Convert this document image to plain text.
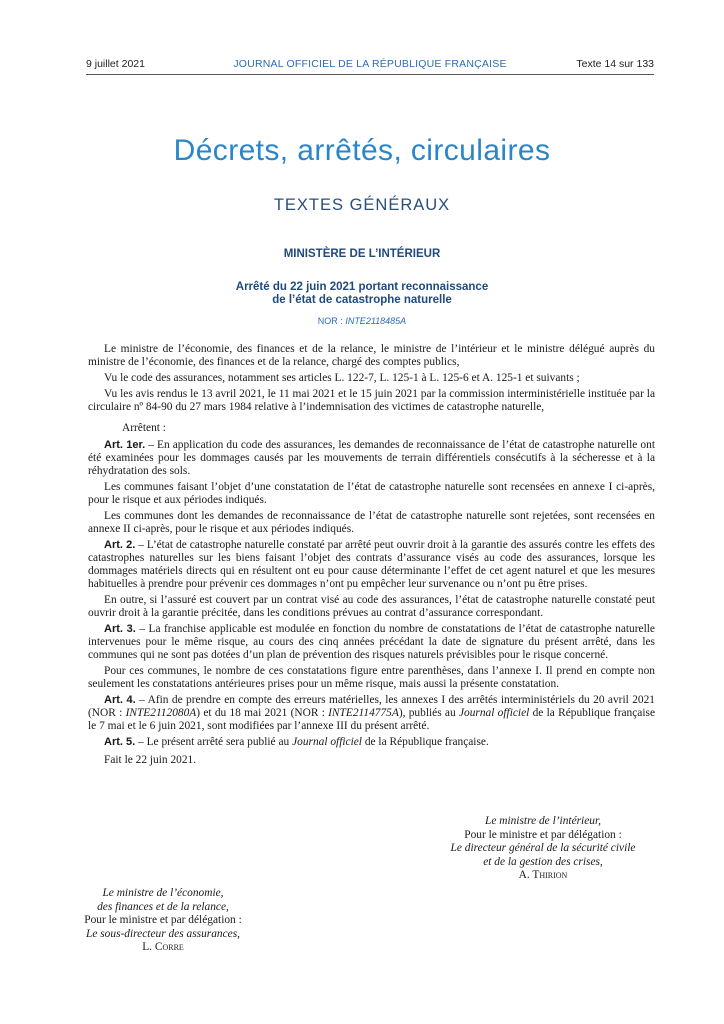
9 juillet 2021	JOURNAL OFFICIEL DE LA RÉPUBLIQUE FRANÇAISE	Texte 14 sur 133
Décrets, arrêtés, circulaires
TEXTES GÉNÉRAUX
MINISTÈRE DE L’INTÉRIEUR
Arrêté du 22 juin 2021 portant reconnaissance
de l’état de catastrophe naturelle
NOR : INTE2118485A

Le ministre de l’économie, des finances et de la relance, le ministre de l’intérieur et le ministre délégué auprès du ministre de l’économie, des finances et de la relance, chargé des comptes publics,

Vu le code des assurances, notamment ses articles L. 122-7, L. 125-1 à L. 125-6 et A. 125-1 et suivants ;

Vu les avis rendus le 13 avril 2021, le 11 mai 2021 et le 15 juin 2021 par la commission interministérielle instituée par la circulaire nº 84-90 du 27 mars 1984 relative à l’indemnisation des victimes de catastrophe naturelle,

Arrêtent :

Art. 1er. – En application du code des assurances, les demandes de reconnaissance de l’état de catastrophe naturelle ont été examinées pour les dommages causés par les mouvements de terrain différentiels consécutifs à la sécheresse et à la réhydratation des sols.

Les communes faisant l’objet d’une constatation de l’état de catastrophe naturelle sont recensées en annexe I ci-après, pour le risque et aux périodes indiqués.

Les communes dont les demandes de reconnaissance de l’état de catastrophe naturelle sont rejetées, sont recensées en annexe II ci-après, pour le risque et aux périodes indiqués.

Art. 2. – L’état de catastrophe naturelle constaté par arrêté peut ouvrir droit à la garantie des assurés contre les effets des catastrophes naturelles sur les biens faisant l’objet des contrats d’assurance visés au code des assurances, lorsque les dommages matériels directs qui en résultent ont eu pour cause déterminante l’effet de cet agent naturel et que les mesures habituelles à prendre pour prévenir ces dommages n’ont pu empêcher leur survenance ou n’ont pu être prises.

En outre, si l’assuré est couvert par un contrat visé au code des assurances, l’état de catastrophe naturelle constaté peut ouvrir droit à la garantie précitée, dans les conditions prévues au contrat d’assurance correspondant.

Art. 3. – La franchise applicable est modulée en fonction du nombre de constatations de l’état de catastrophe naturelle intervenues pour le même risque, au cours des cinq années précédant la date de signature du présent arrêté, dans les communes qui ne sont pas dotées d’un plan de prévention des risques naturels prévisibles pour le risque concerné.

Pour ces communes, le nombre de ces constatations figure entre parenthèses, dans l’annexe I. Il prend en compte non seulement les constatations antérieures prises pour un même risque, mais aussi la présente constatation.

Art. 4. – Afin de prendre en compte des erreurs matérielles, les annexes I des arrêtés interministériels du 20 avril 2021 (NOR : INTE2112080A) et du 18 mai 2021 (NOR : INTE2114775A), publiés au Journal officiel de la République française le 7 mai et le 6 juin 2021, sont modifiées par l’annexe III du présent arrêté.

Art. 5. – Le présent arrêté sera publié au Journal officiel de la République française.

Fait le 22 juin 2021.

Le ministre de l’intérieur,
Pour le ministre et par délégation :
Le directeur général de la sécurité civile
et de la gestion des crises,
A. Thirion
Le ministre de l’économie,
des finances et de la relance,
Pour le ministre et par délégation :
Le sous-directeur des assurances,
L. Corre
